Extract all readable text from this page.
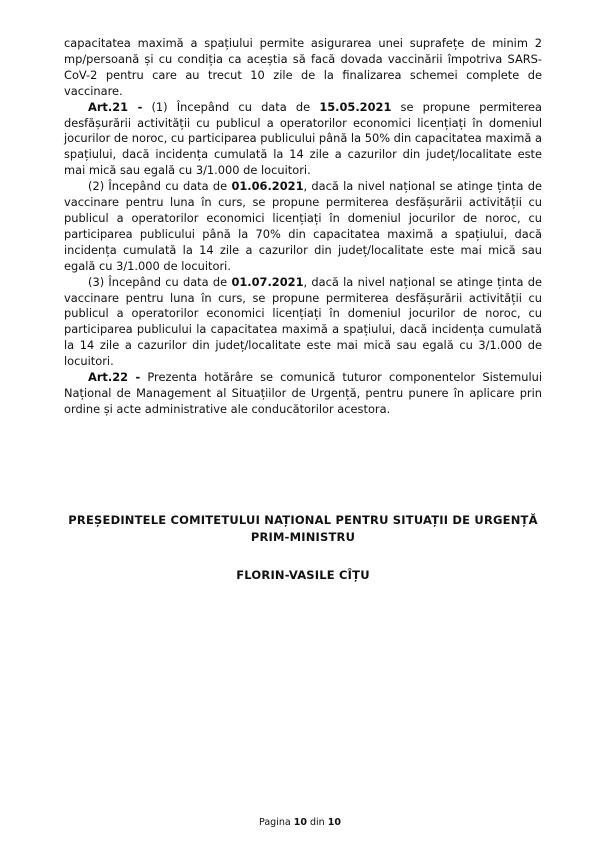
capacitatea maximă a spațiului permite asigurarea unei suprafețe de minim 2 mp/persoană și cu condiția ca aceștia să facă dovada vaccinării împotriva SARS-CoV-2 pentru care au trecut 10 zile de la finalizarea schemei complete de vaccinare.

Art.21 - (1) Începând cu data de 15.05.2021 se propune permiterea desfășurării activității cu publicul a operatorilor economici licențiați în domeniul jocurilor de noroc, cu participarea publicului până la 50% din capacitatea maximă a spațiului, dacă incidența cumulată la 14 zile a cazurilor din județ/localitate este mai mică sau egală cu 3/1.000 de locuitori.

(2) Începând cu data de 01.06.2021, dacă la nivel național se atinge ținta de vaccinare pentru luna în curs, se propune permiterea desfășurării activității cu publicul a operatorilor economici licențiați în domeniul jocurilor de noroc, cu participarea publicului până la 70% din capacitatea maximă a spațiului, dacă incidența cumulată la 14 zile a cazurilor din județ/localitate este mai mică sau egală cu 3/1.000 de locuitori.

(3) Începând cu data de 01.07.2021, dacă la nivel național se atinge ținta de vaccinare pentru luna în curs, se propune permiterea desfășurării activității cu publicul a operatorilor economici licențiați în domeniul jocurilor de noroc, cu participarea publicului la capacitatea maximă a spațiului, dacă incidența cumulată la 14 zile a cazurilor din județ/localitate este mai mică sau egală cu 3/1.000 de locuitori.

Art.22 - Prezenta hotărâre se comunică tuturor componentelor Sistemului Național de Management al Situațiilor de Urgență, pentru punere în aplicare prin ordine și acte administrative ale conducătorilor acestora.

PREȘEDINTELE COMITETULUI NAȚIONAL PENTRU SITUAȚII DE URGENȚĂ
PRIM-MINISTRU
FLORIN-VASILE CÎȚU
Pagina 10 din 10
